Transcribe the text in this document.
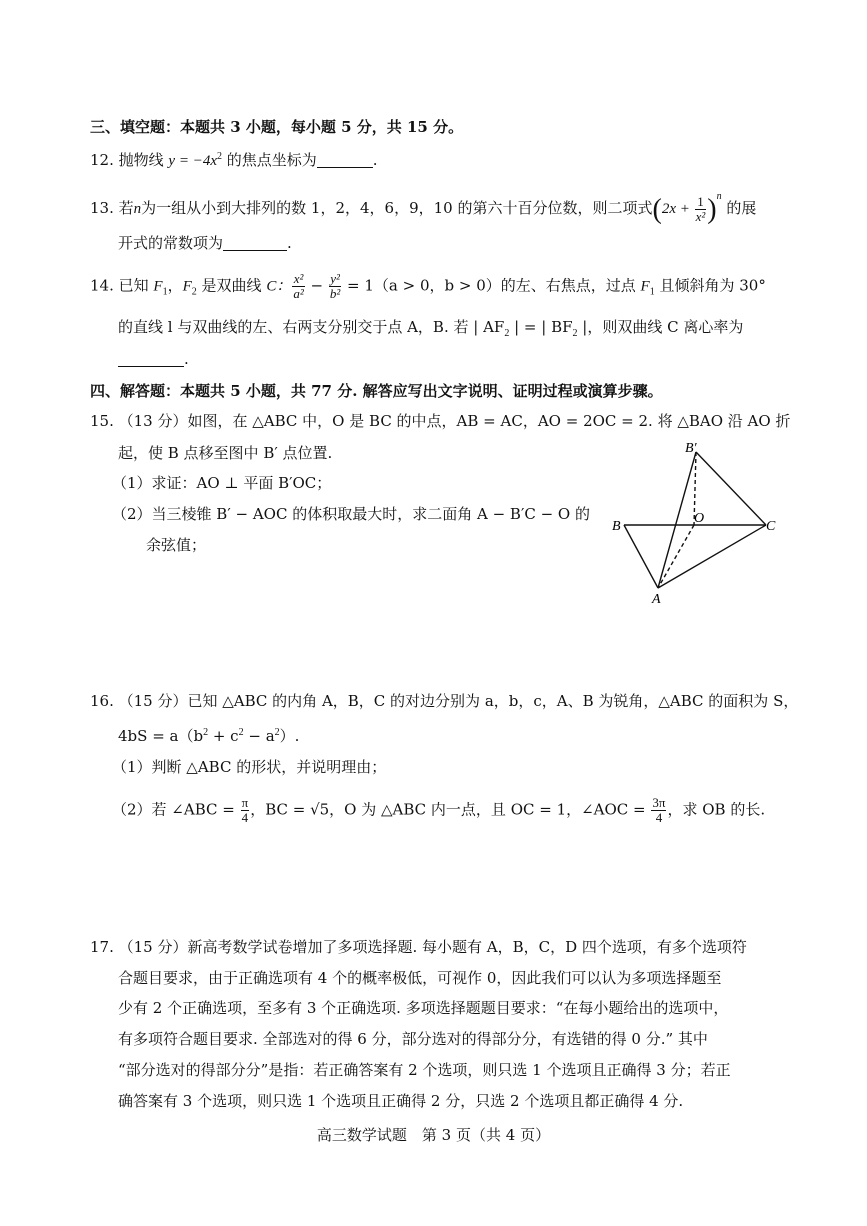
三、填空题：本题共 3 小题，每小题 5 分，共 15 分。
12. 抛物线 $y = -4x^2$ 的焦点坐标为	.
13. 若n为一组从小到大排列的数 1，2，4，6，9，10 的第六十百分位数，则二项式$(2x + \frac{1}{\text{x²}} )^n$ 的展
开式的常数项为	.
14. 已知 $F_1$，$F_2$ 是双曲线 C： $\frac{\text{x²}}{\text{a²}} - \frac{\text{y²}}{\text{b²}} = 1(a > 0$，b > 0）的左、右焦点，过点 $F_1$ 且倾斜角为 30°
的直线 l 与双曲线的左、右两支分别交于点 A，B. 若 | $AF_2$ | = | $BF_2$ |，则双曲线 C 离心率为
.
四、解答题：本题共 5 小题，共 77 分. 解答应写出文字说明、证明过程或演算步骤。
15. （13 分）如图，在 △ABC 中，O 是 BC 的中点，AB = AC，AO = 2OC = 2. 将 △BAO 沿 AO 折
起，使 B 点移至图中 B′ 点位置.
（1）求证：AO ⊥ 平面 B′OC；
（2）当三棱锥 B′ − AOC 的体积取最大时，求二面角 A − B′C − O 的
余弦值；
B′
B
O
C
A
16. （15 分）已知 △ABC 的内角 A，B，C 的对边分别为 a，b，c，A、B 为锐角，△ABC 的面积为 S，
$4bS = a(b^2 + c^2 - a^2)$.
（1）判断 △ABC 的形状，并说明理由；
（2）若 ∠ABC = $\frac{\pi}{4}$ ，BC = √5，O 为 △ABC 内一点，且 OC = 1，∠AOC = $\frac{3\pi}{4}$ ，求 OB 的长.
17. （15 分）新高考数学试卷增加了多项选择题. 每小题有 A，B，C，D 四个选项，有多个选项符
合题目要求，由于正确选项有 4 个的概率极低，可视作 0，因此我们可以认为多项选择题至
少有 2 个正确选项，至多有 3 个正确选项. 多项选择题题目要求：“在每小题给出的选项中，
有多项符合题目要求. 全部选对的得 6 分，部分选对的得部分分，有选错的得 0 分.” 其中
“部分选对的得部分分”是指：若正确答案有 2 个选项，则只选 1 个选项且正确得 3 分；若正
确答案有 3 个选项，则只选 1 个选项且正确得 2 分，只选 2 个选项且都正确得 4 分.
高三数学试题　第 3 页（共 4 页）
